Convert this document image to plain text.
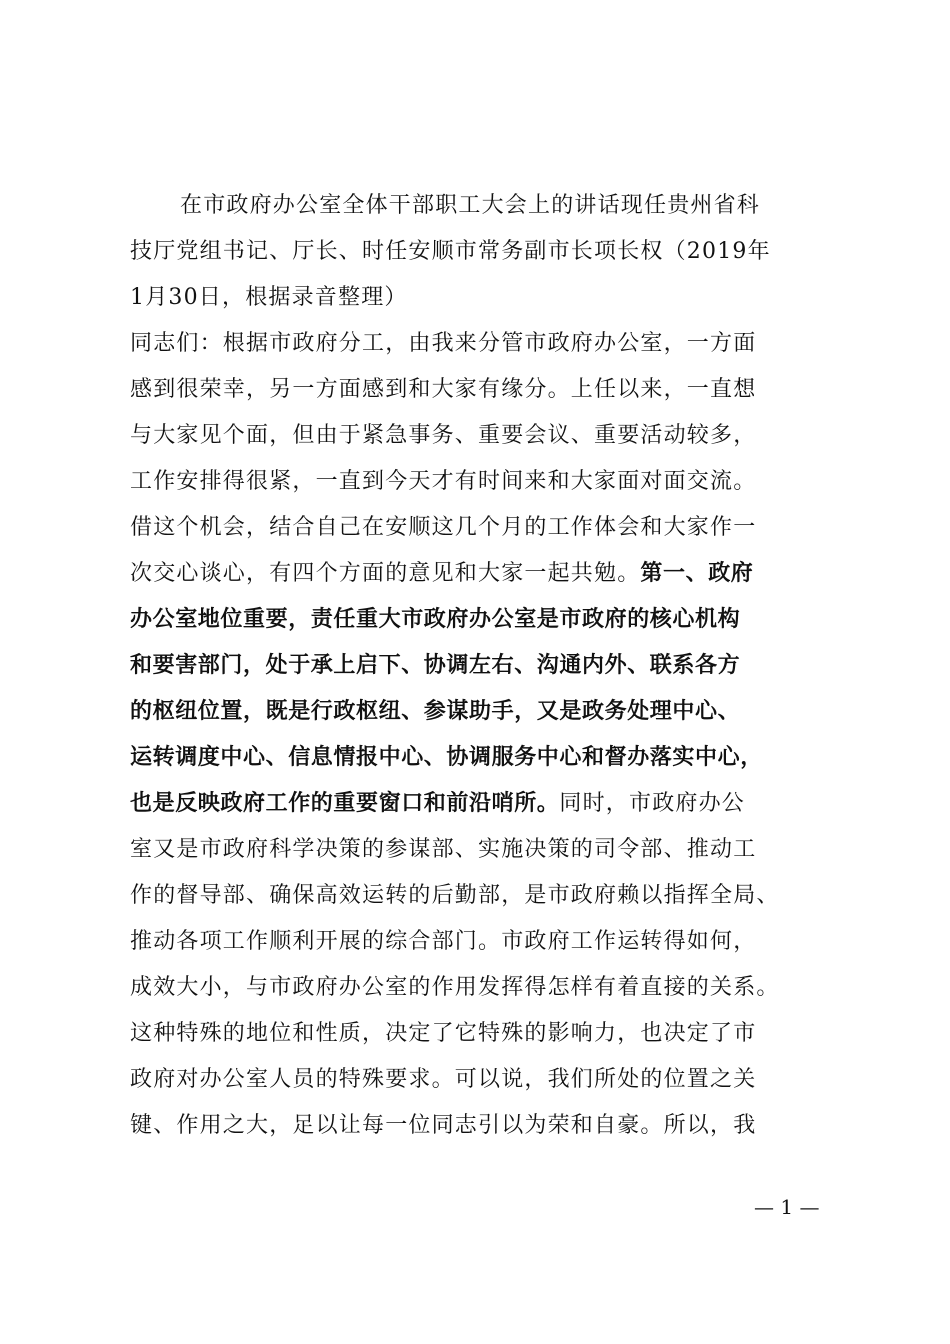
在市政府办公室全体干部职工大会上的讲话现任贵州省科
技厅党组书记、厅长、时任安顺市常务副市长项长权（2019年
1月30日，根据录音整理）
同志们：根据市政府分工，由我来分管市政府办公室，一方面
感到很荣幸，另一方面感到和大家有缘分。上任以来，一直想
与大家见个面，但由于紧急事务、重要会议、重要活动较多，
工作安排得很紧，一直到今天才有时间来和大家面对面交流。
借这个机会，结合自己在安顺这几个月的工作体会和大家作一
次交心谈心，有四个方面的意见和大家一起共勉。第一、政府
办公室地位重要，责任重大市政府办公室是市政府的核心机构
和要害部门，处于承上启下、协调左右、沟通内外、联系各方
的枢纽位置，既是行政枢纽、参谋助手，又是政务处理中心、
运转调度中心、信息情报中心、协调服务中心和督办落实中心，
也是反映政府工作的重要窗口和前沿哨所。同时，市政府办公
室又是市政府科学决策的参谋部、实施决策的司令部、推动工
作的督导部、确保高效运转的后勤部，是市政府赖以指挥全局、
推动各项工作顺利开展的综合部门。市政府工作运转得如何，
成效大小，与市政府办公室的作用发挥得怎样有着直接的关系。
这种特殊的地位和性质，决定了它特殊的影响力，也决定了市
政府对办公室人员的特殊要求。可以说，我们所处的位置之关
键、作用之大，足以让每一位同志引以为荣和自豪。所以，我
— 1 —
